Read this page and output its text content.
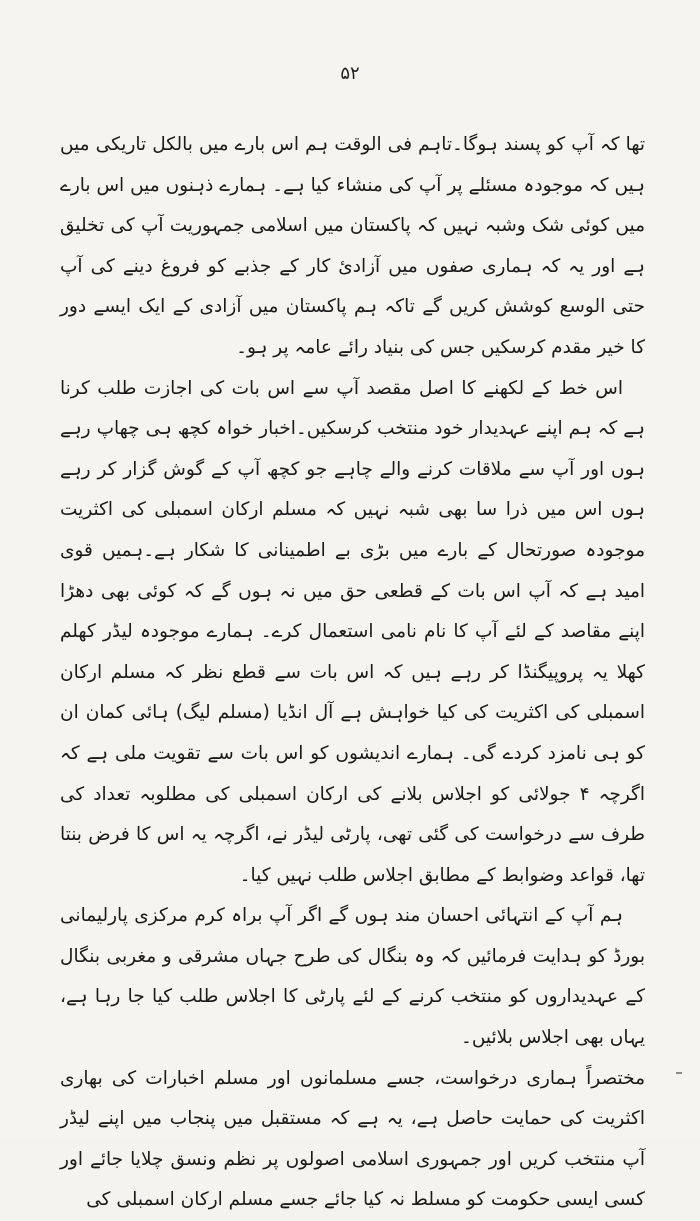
۵۲

تھا کہ آپ کو پسند ہوگا۔تاہم فی الوقت ہم اس بارے میں بالکل تاریکی میں ہیں کہ موجودہ مسئلے پر آپ کی منشاء کیا ہے۔ ہمارے ذہنوں میں اس بارے میں کوئی شک وشبہ نہیں کہ پاکستان میں اسلامی جمہوریت آپ کی تخلیق ہے اور یہ کہ ہماری صفوں میں آزادئ کار کے جذبے کو فروغ دینے کی آپ حتی الوسع کوشش کریں گے تاکہ ہم پاکستان میں آزادی کے ایک ایسے دور کا خیر مقدم کرسکیں جس کی بنیاد رائے عامہ پر ہو۔

اس خط کے لکھنے کا اصل مقصد آپ سے اس بات کی اجازت طلب کرنا ہے کہ ہم اپنے عہدیدار خود منتخب کرسکیں۔اخبار خواہ کچھ ہی چھاپ رہے ہوں اور آپ سے ملاقات کرنے والے چاہے جو کچھ آپ کے گوش گزار کر رہے ہوں اس میں ذرا سا بھی شبہ نہیں کہ مسلم ارکان اسمبلی کی اکثریت موجودہ صورتحال کے بارے میں بڑی بے اطمینانی کا شکار ہے۔ہمیں قوی امید ہے کہ آپ اس بات کے قطعی حق میں نہ ہوں گے کہ کوئی بھی دھڑا اپنے مقاصد کے لئے آپ کا نام نامی استعمال کرے۔ ہمارے موجودہ لیڈر کھلم کھلا یہ پروپیگنڈا کر رہے ہیں کہ اس بات سے قطع نظر کہ مسلم ارکان اسمبلی کی اکثریت کی کیا خواہش ہے آل انڈیا (مسلم لیگ) ہائی کمان ان کو ہی نامزد کردے گی۔ ہمارے اندیشوں کو اس بات سے تقویت ملی ہے کہ اگرچہ ۴ جولائی کو اجلاس بلانے کی ارکان اسمبلی کی مطلوبہ تعداد کی طرف سے درخواست کی گئی تھی، پارٹی لیڈر نے، اگرچہ یہ اس کا فرض بنتا تھا، قواعد وضوابط کے مطابق اجلاس طلب نہیں کیا۔

ہم آپ کے انتہائی احسان مند ہوں گے اگر آپ براہ کرم مرکزی پارلیمانی بورڈ کو ہدایت فرمائیں کہ وہ بنگال کی طرح جہاں مشرقی و مغربی بنگال کے عہدیداروں کو منتخب کرنے کے لئے پارٹی کا اجلاس طلب کیا جا رہا ہے، یہاں بھی اجلاس بلائیں۔

مختصراً ہماری درخواست، جسے مسلمانوں اور مسلم اخبارات کی بھاری اکثریت کی حمایت حاصل ہے، یہ ہے کہ مستقبل میں پنجاب میں اپنے لیڈر آپ منتخب کریں اور جمہوری اسلامی اصولوں پر نظم ونسق چلایا جائے اور کسی ایسی حکومت کو مسلط نہ کیا جائے جسے مسلم ارکان اسمبلی کی
